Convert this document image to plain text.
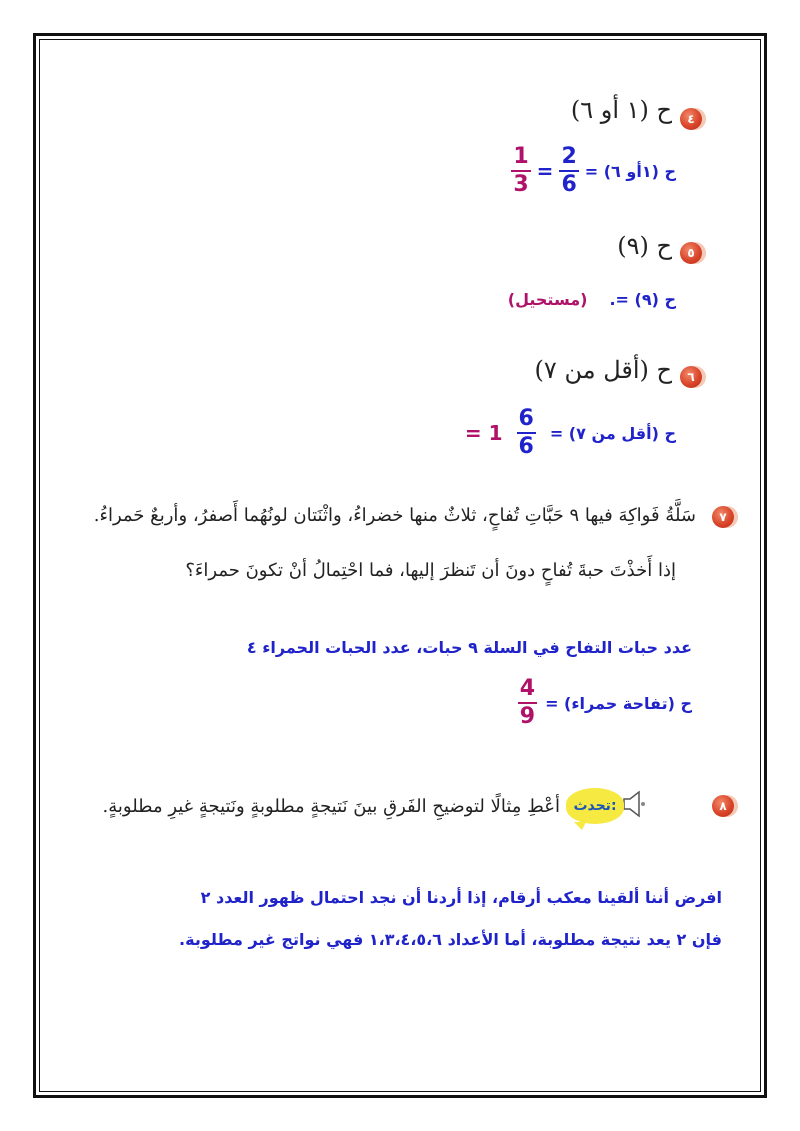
٤
ح (١ أو ٦)
ح (١أو ٦) =
$\frac{2}{6}$
=
$\frac{1}{3}$
٥
ح (٩)
ح (٩) =.
(مستحيل)
٦
ح (أقل من ٧)
ح (أقل من ٧) =
$\frac{6}{6}$
1 =
٧
سَلَّةُ فَواكِهَ فيها ٩ حَبَّاتِ تُفاحٍ، ثلاثٌ منها خضراءُ، واثْنَتان لونُهُما أَصفرُ، وأربعٌ حَمراءُ.
إذا أَخذْتَ حبةَ تُفاحٍ دونَ أن تَنظرَ إليها، فما احْتِمالُ أنْ تكونَ حمراءَ؟
عدد حبات التفاح في السلة ٩ حبات، عدد الحبات الحمراء ٤
ح (تفاحة حمراء) =
$\frac{4}{9}$
٨
تحدث:
أعْطِ مِثالًا لتوضيحِ الفَرقِ بينَ نَتيجةٍ مطلوبةٍ ونَتيجةٍ غيرِ مطلوبةٍ.
افرض أننا ألقينا معكب أرقام، إذا أردنا أن نجد احتمال ظهور العدد ٢
فإن ٢ يعد نتيجة مطلوبة، أما الأعداد ١،٣،٤،٥،٦ فهي نواتج غير مطلوبة.
